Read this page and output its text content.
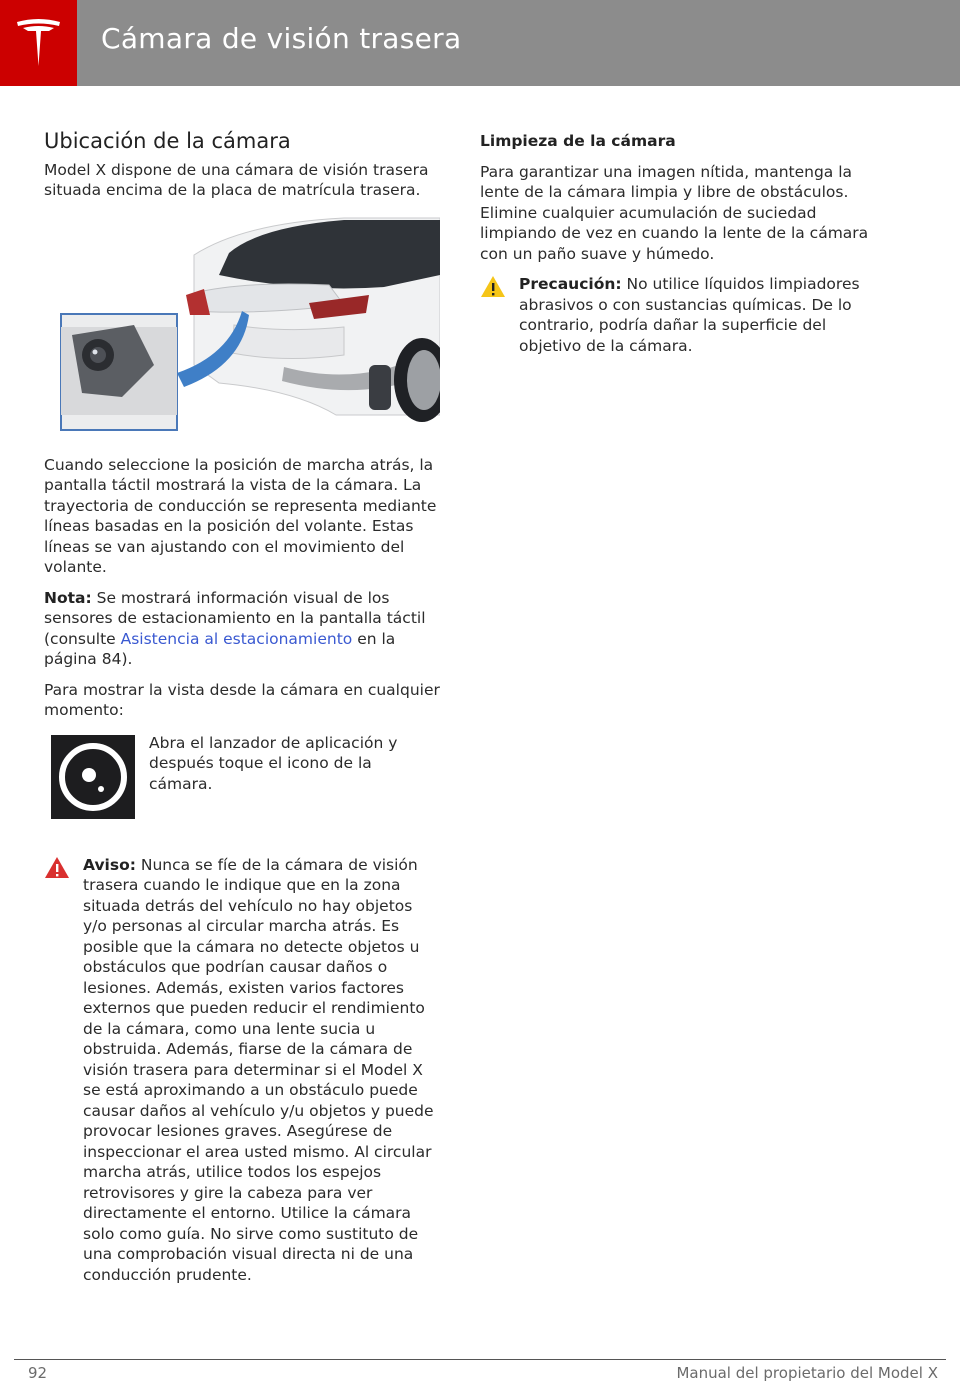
Cámara de visión trasera
Ubicación de la cámara

Model X dispone de una cámara de visión trasera situada encima de la placa de matrícula trasera.

Cuando seleccione la posición de marcha atrás, la pantalla táctil mostrará la vista de la cámara. La trayectoria de conducción se representa mediante líneas basadas en la posición del volante. Estas líneas se van ajustando con el movimiento del volante.

Nota: Se mostrará información visual de los sensores de estacionamiento en la pantalla táctil (consulte Asistencia al estacionamiento en la página 84).

Para mostrar la vista desde la cámara en cualquier momento:

Abra el lanzador de aplicación y después toque el icono de la cámara.
Aviso: Nunca se fíe de la cámara de visión trasera cuando le indique que en la zona situada detrás del vehículo no hay objetos y/o personas al circular marcha atrás. Es posible que la cámara no detecte objetos u obstáculos que podrían causar daños o lesiones. Además, existen varios factores externos que pueden reducir el rendimiento de la cámara, como una lente sucia u obstruida. Además, fiarse de la cámara de visión trasera para determinar si el Model X se está aproximando a un obstáculo puede causar daños al vehículo y/u objetos y puede provocar lesiones graves. Asegúrese de inspeccionar el area usted mismo. Al circular marcha atrás, utilice todos los espejos retrovisores y gire la cabeza para ver directamente el entorno. Utilice la cámara solo como guía. No sirve como sustituto de una comprobación visual directa ni de una conducción prudente.
Limpieza de la cámara

Para garantizar una imagen nítida, mantenga la lente de la cámara limpia y libre de obstáculos. Elimine cualquier acumulación de suciedad limpiando de vez en cuando la lente de la cámara con un paño suave y húmedo.

Precaución: No utilice líquidos limpiadores abrasivos o con sustancias químicas. De lo contrario, podría dañar la superficie del objetivo de la cámara.
92	Manual del propietario del Model X
